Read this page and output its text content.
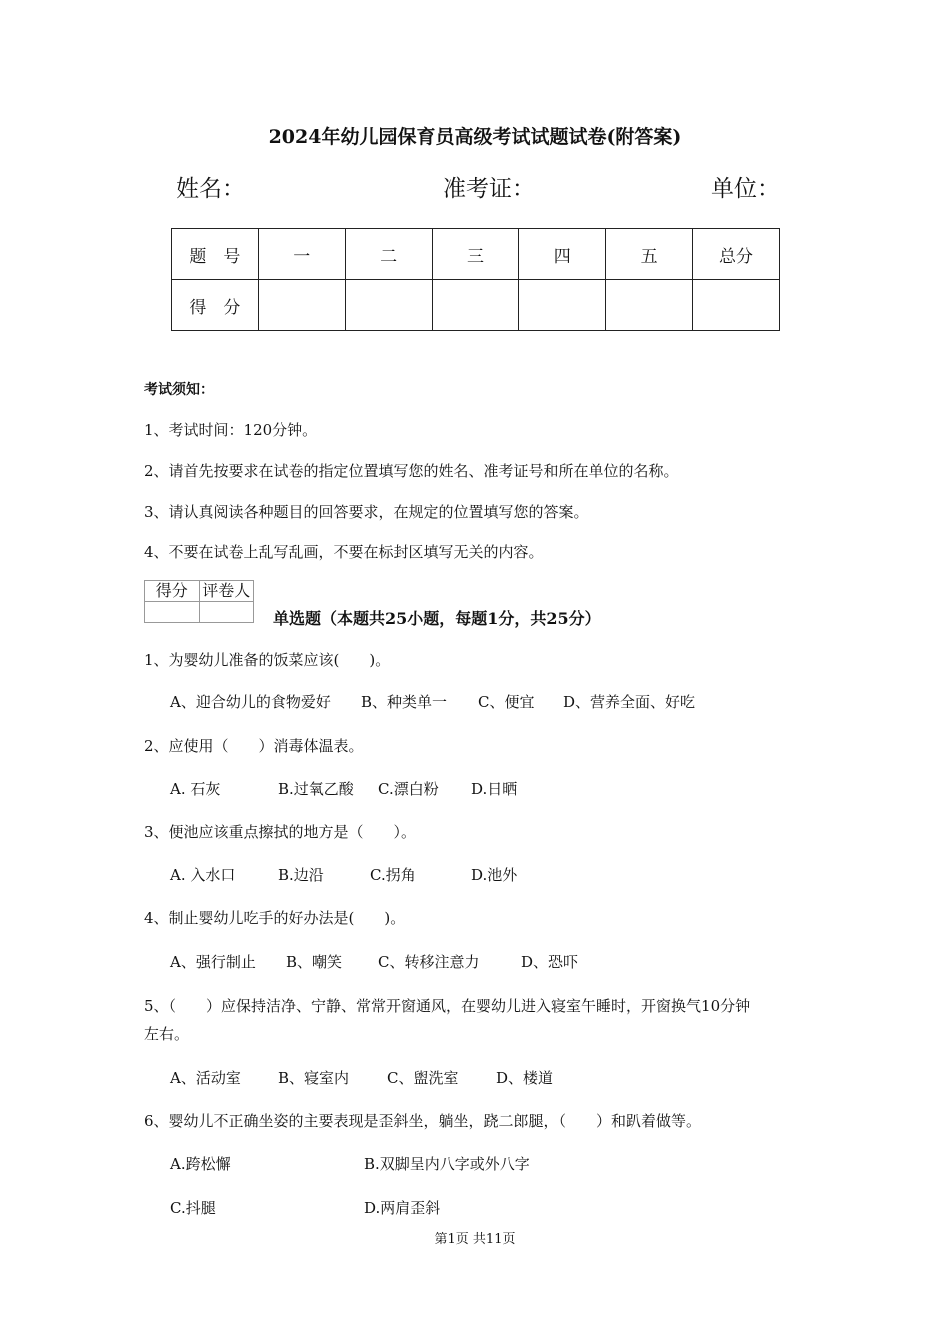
2024年幼儿园保育员高级考试试题试卷(附答案)
姓名：	准考证：	单位：
题　号	一	二	三	四	五	总分
得　分						
考试须知：
1、考试时间：120分钟。
2、请首先按要求在试卷的指定位置填写您的姓名、准考证号和所在单位的名称。
3、请认真阅读各种题目的回答要求，在规定的位置填写您的答案。
4、不要在试卷上乱写乱画，不要在标封区填写无关的内容。
得分	评卷人

单选题（本题共25小题，每题1分，共25分）
1、为婴幼儿准备的饭菜应该(　　)。
A、迎合幼儿的食物爱好 B、种类单一 C、便宜 D、营养全面、好吃
2、应使用（　　）消毒体温表。
A. 石灰	B.过氧乙酸 C.漂白粉 D.日晒
3、便池应该重点擦拭的地方是（　　）。
A. 入水口	B.边沿	C.拐角	D.池外
4、制止婴幼儿吃手的好办法是(　　)。
A、强行制止 B、嘲笑 C、转移注意力	D、恐吓
5、（　　）应保持洁净、宁静、常常开窗通风，在婴幼儿进入寝室午睡时，开窗换气10分钟
左右。
A、活动室 B、寝室内	C、盥洗室	D、楼道
6、婴幼儿不正确坐姿的主要表现是歪斜坐，躺坐，跷二郎腿，（　　）和趴着做等。
A.跨松懈	B.双脚呈内八字或外八字
C.抖腿	D.两肩歪斜
第1页 共11页
